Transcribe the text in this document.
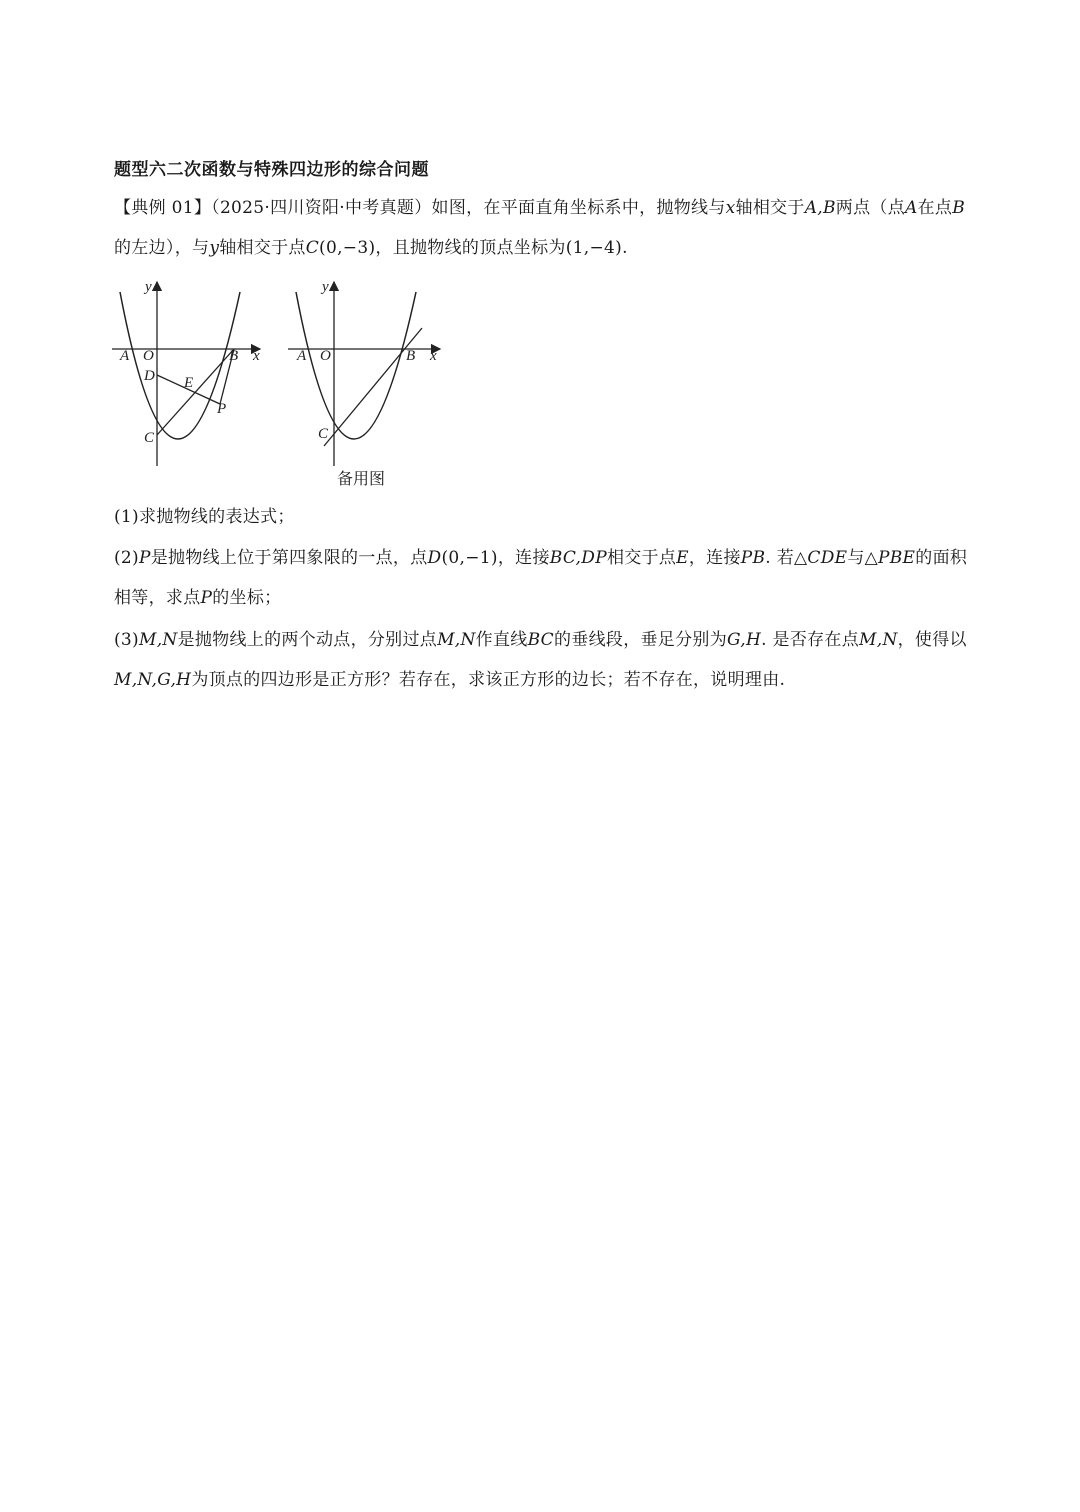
题型六二次函数与特殊四边形的综合问题
【典例 01】（2025·四川资阳·中考真题）如图，在平面直角坐标系中，抛物线与x轴相交于A,B两点（点A在点B的左边），与y轴相交于点C(0,−3)，且抛物线的顶点坐标为(1,−4).
y
x
A O	B
D E
P
C
y
x
A O	B
C
备用图
(1)求抛物线的表达式；
(2)P是抛物线上位于第四象限的一点，点D(0,−1)，连接BC,DP相交于点E，连接PB. 若△CDE与△PBE的面积相等，求点P的坐标；
(3)M,N是抛物线上的两个动点，分别过点M,N作直线BC的垂线段，垂足分别为G,H. 是否存在点M,N，使得以M,N,G,H为顶点的四边形是正方形？若存在，求该正方形的边长；若不存在，说明理由.
